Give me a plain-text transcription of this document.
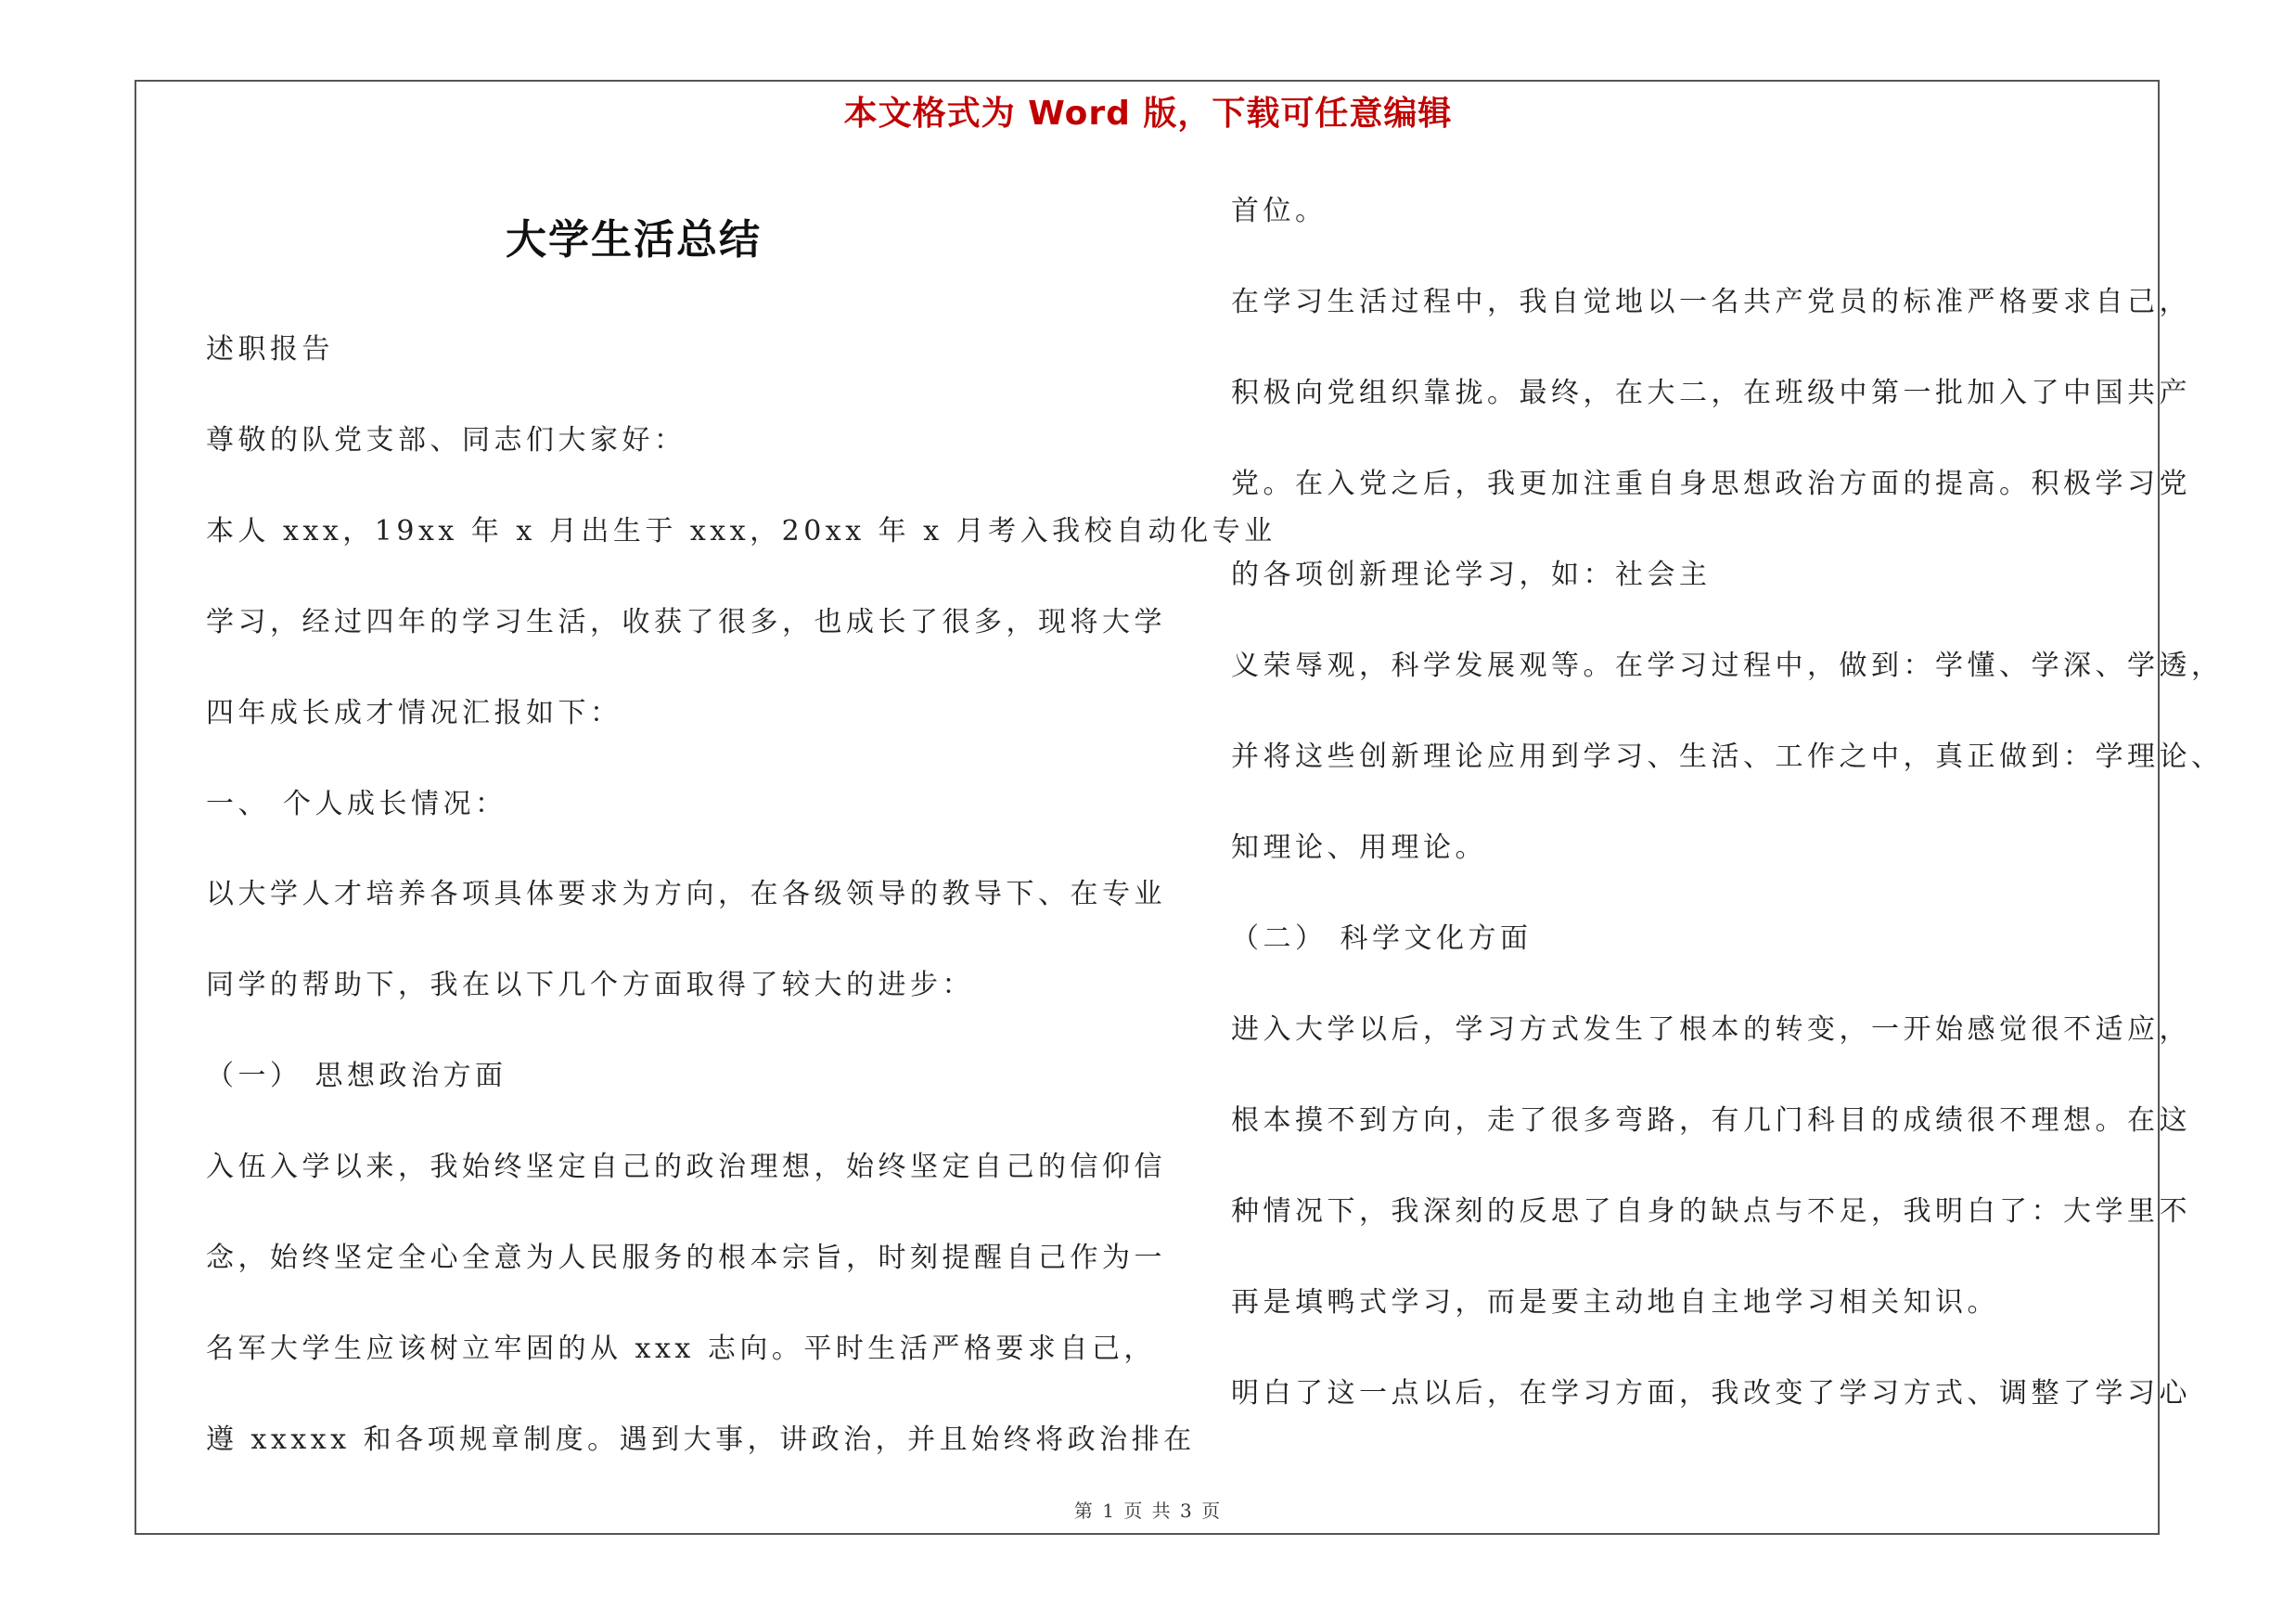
本文格式为 Word 版，下载可任意编辑
大学生活总结
述职报告
尊敬的队党支部、同志们大家好：
本人 xxx，19xx 年 x 月出生于 xxx，20xx 年 x 月考入我校自动化专业
学习，经过四年的学习生活，收获了很多，也成长了很多，现将大学
四年成长成才情况汇报如下：
一、 个人成长情况：
以大学人才培养各项具体要求为方向，在各级领导的教导下、在专业
同学的帮助下，我在以下几个方面取得了较大的进步：
（一） 思想政治方面
入伍入学以来，我始终坚定自己的政治理想，始终坚定自己的信仰信
念，始终坚定全心全意为人民服务的根本宗旨，时刻提醒自己作为一
名军大学生应该树立牢固的从 xxx 志向。平时生活严格要求自己，
遵 xxxxx 和各项规章制度。遇到大事，讲政治，并且始终将政治排在
首位。
在学习生活过程中，我自觉地以一名共产党员的标准严格要求自己，
积极向党组织靠拢。最终，在大二，在班级中第一批加入了中国共产
党。在入党之后，我更加注重自身思想政治方面的提高。积极学习党
的各项创新理论学习，如：社会主
义荣辱观，科学发展观等。在学习过程中，做到：学懂、学深、学透，
并将这些创新理论应用到学习、生活、工作之中，真正做到：学理论、
知理论、用理论。
（二） 科学文化方面
进入大学以后，学习方式发生了根本的转变，一开始感觉很不适应，
根本摸不到方向，走了很多弯路，有几门科目的成绩很不理想。在这
种情况下，我深刻的反思了自身的缺点与不足，我明白了：大学里不
再是填鸭式学习，而是要主动地自主地学习相关知识。
明白了这一点以后，在学习方面，我改变了学习方式、调整了学习心
第 1 页 共 3 页
